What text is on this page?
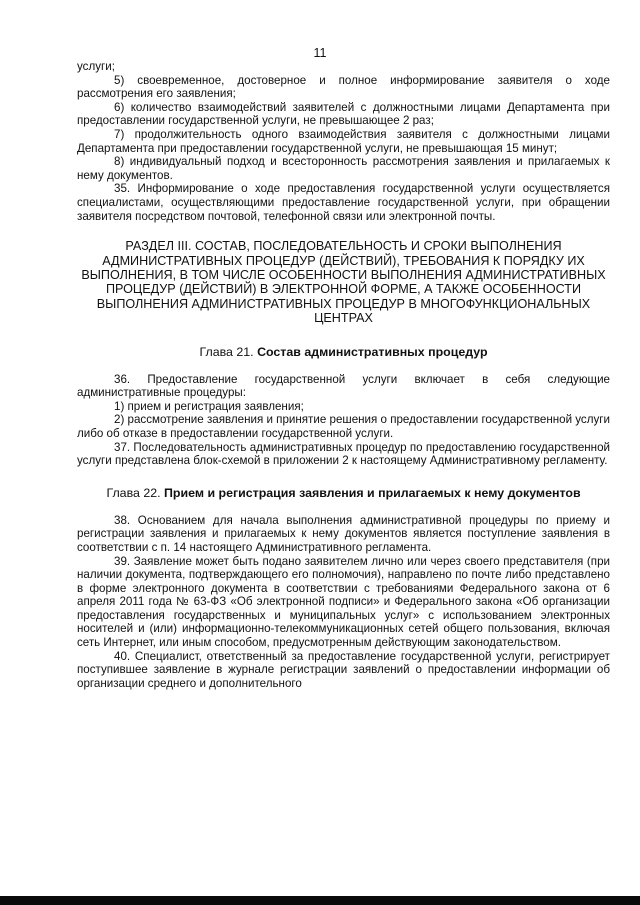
11

услуги;

5) своевременное, достоверное и полное информирование заявителя о ходе рассмотрения его заявления;

6) количество взаимодействий заявителей с должностными лицами Департамента при предоставлении государственной услуги, не превышающее 2 раз;

7) продолжительность одного взаимодействия заявителя с должностными лицами Департамента при предоставлении государственной услуги, не превышающая 15 минут;

8) индивидуальный подход и всесторонность рассмотрения заявления и прилагаемых к нему документов.

35. Информирование о ходе предоставления государственной услуги осуществляется специалистами, осуществляющими предоставление государственной услуги, при обращении заявителя посредством почтовой, телефонной связи или электронной почты.

РАЗДЕЛ III. СОСТАВ, ПОСЛЕДОВАТЕЛЬНОСТЬ И СРОКИ ВЫПОЛНЕНИЯ АДМИНИСТРАТИВНЫХ ПРОЦЕДУР (ДЕЙСТВИЙ), ТРЕБОВАНИЯ К ПОРЯДКУ ИХ ВЫПОЛНЕНИЯ, В ТОМ ЧИСЛЕ ОСОБЕННОСТИ ВЫПОЛНЕНИЯ АДМИНИСТРАТИВНЫХ ПРОЦЕДУР (ДЕЙСТВИЙ) В ЭЛЕКТРОННОЙ ФОРМЕ, А ТАКЖЕ ОСОБЕННОСТИ ВЫПОЛНЕНИЯ АДМИНИСТРАТИВНЫХ ПРОЦЕДУР В МНОГОФУНКЦИОНАЛЬНЫХ ЦЕНТРАХ
Глава 21. Состав административных процедур

36. Предоставление государственной услуги включает в себя следующие административные процедуры:

1) прием и регистрация заявления;

2) рассмотрение заявления и принятие решения о предоставлении государственной услуги либо об отказе в предоставлении государственной услуги.

37. Последовательность административных процедур по предоставлению государственной услуги представлена блок-схемой в приложении 2 к настоящему Административному регламенту.

Глава 22. Прием и регистрация заявления и прилагаемых к нему документов

38. Основанием для начала выполнения административной процедуры по приему и регистрации заявления и прилагаемых к нему документов является поступление заявления в соответствии с п. 14 настоящего Административного регламента.

39. Заявление может быть подано заявителем лично или через своего представителя (при наличии документа, подтверждающего его полномочия), направлено по почте либо представлено в форме электронного документа в соответствии с требованиями Федерального закона от 6 апреля 2011 года № 63-ФЗ «Об электронной подписи» и Федерального закона «Об организации предоставления государственных и муниципальных услуг» с использованием электронных носителей и (или) информационно-телекоммуникационных сетей общего пользования, включая сеть Интернет, или иным способом, предусмотренным действующим законодательством.

40. Специалист, ответственный за предоставление государственной услуги, регистрирует поступившее заявление в журнале регистрации заявлений о предоставлении информации об организации среднего и дополнительного
